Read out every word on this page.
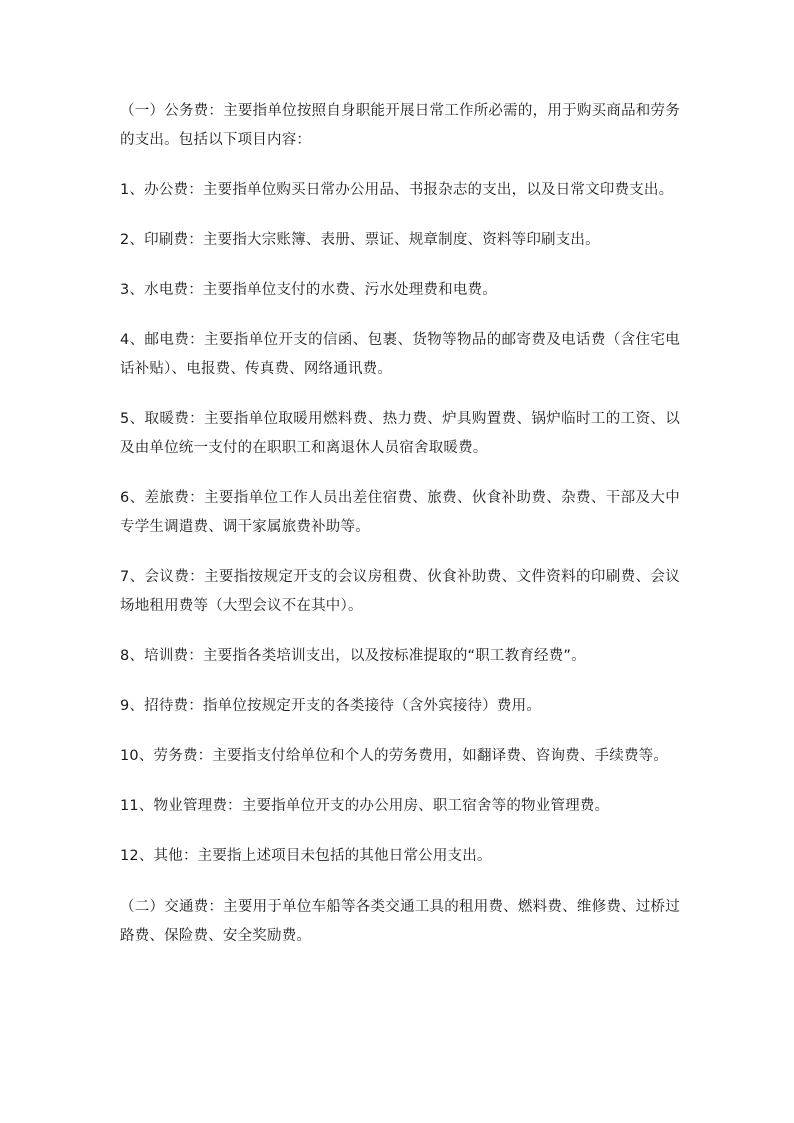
（一）公务费：主要指单位按照自身职能开展日常工作所必需的，用于购买商品和劳务的支出。包括以下项目内容：

1、办公费：主要指单位购买日常办公用品、书报杂志的支出，以及日常文印费支出。

2、印刷费：主要指大宗账簿、表册、票证、规章制度、资料等印刷支出。

3、水电费：主要指单位支付的水费、污水处理费和电费。

4、邮电费：主要指单位开支的信函、包裹、货物等物品的邮寄费及电话费（含住宅电话补贴）、电报费、传真费、网络通讯费。

5、取暖费：主要指单位取暖用燃料费、热力费、炉具购置费、锅炉临时工的工资、以及由单位统一支付的在职职工和离退休人员宿舍取暖费。

6、差旅费：主要指单位工作人员出差住宿费、旅费、伙食补助费、杂费、干部及大中专学生调遣费、调干家属旅费补助等。

7、会议费：主要指按规定开支的会议房租费、伙食补助费、文件资料的印刷费、会议场地租用费等（大型会议不在其中）。

8、培训费：主要指各类培训支出，以及按标准提取的“职工教育经费”。

9、招待费：指单位按规定开支的各类接待（含外宾接待）费用。

10、劳务费：主要指支付给单位和个人的劳务费用，如翻译费、咨询费、手续费等。

11、物业管理费：主要指单位开支的办公用房、职工宿舍等的物业管理费。

12、其他：主要指上述项目未包括的其他日常公用支出。

（二）交通费：主要用于单位车船等各类交通工具的租用费、燃料费、维修费、过桥过路费、保险费、安全奖励费。
